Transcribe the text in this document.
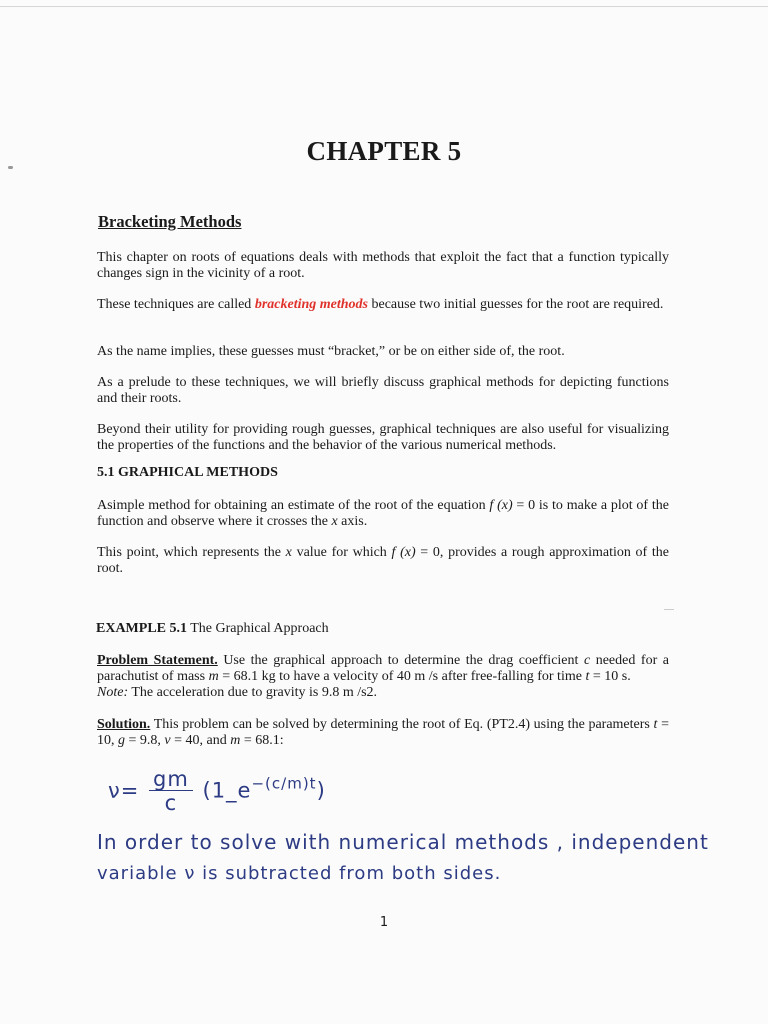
CHAPTER 5
Bracketing Methods
This chapter on roots of equations deals with methods that exploit the fact that a function typically changes sign in the vicinity of a root.
These techniques are called bracketing methods because two initial guesses for the root are required.
As the name implies, these guesses must “bracket,” or be on either side of, the root.
As a prelude to these techniques, we will briefly discuss graphical methods for depicting functions and their roots.
Beyond their utility for providing rough guesses, graphical techniques are also useful for visualizing the properties of the functions and the behavior of the various numerical methods.
5.1 GRAPHICAL METHODS
Asimple method for obtaining an estimate of the root of the equation f (x) = 0 is to make a plot of the function and observe where it crosses the x axis.
This point, which represents the x value for which f (x) = 0, provides a rough approximation of the root.
EXAMPLE 5.1 The Graphical Approach
Problem Statement. Use the graphical approach to determine the drag coefficient c needed for a parachutist of mass m = 68.1 kg to have a velocity of 40 m /s after free-falling for time t = 10 s.
Note: The acceleration due to gravity is 9.8 m /s2.
Solution. This problem can be solved by determining the root of Eq. (PT2.4) using the parameters t = 10, g = 9.8, v = 40, and m = 68.1:
$\nu= \frac{gm}{c}$ $(1\_e^{-(c/m)t})$
In order to solve with numerical methods , independent
variable ν is subtracted from both sides.
1
